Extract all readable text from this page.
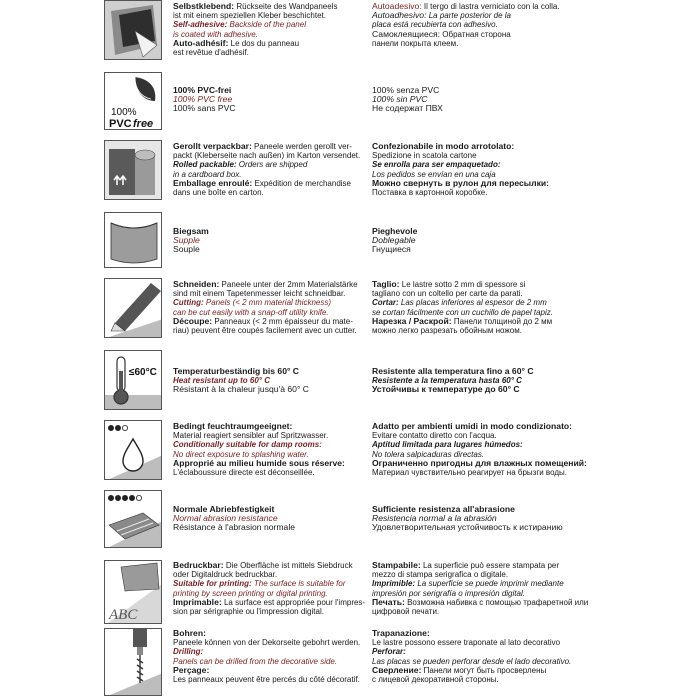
Selbstklebend: Rückseite des Wandpaneels
ist mit einem speziellen Kleber beschichtet.
Self-adhesive: Backside of the panel
is coated with adhesive.
Auto-adhésif: Le dos du panneau
est revêtue d'adhésif.
Autoadesivo: Il tergo di lastra verniciato con la colla.
Autoadhesivo: La parte posterior de la
placa está recubierta con adhesivo.
Самоклеящиеся: Обратная сторона
панели покрыта клеем.
100%
PVC free
100% PVC-frei
100% PVC free
100% sans PVC
100% senza PVC
100% sin PVC
Не содержат ПВХ
Gerollt verpackbar: Paneele werden gerollt ver-
packt (Kleberseite nach außen) im Karton versendet.
Rolled packable: Orders are shipped
in a cardboard box.
Emballage enroulé: Expédition de merchandise
dans une boîte en carton.
Confezionabile in modo arrotolato:
Spedizione in scatola cartone
Se enrolla para ser empaquetado:
Los pedidos se envían en una caja
Можно свернуть в рулон для пересылки:
Поставка в картонной коробке.
Biegsam
Supple
Souple
Pieghevole
Doblegable
Гнущиеся
Schneiden: Paneele unter der 2mm Materialstärke
sind mit einem Tapetenmesser leicht schneidbar.
Cutting: Panels (< 2 mm material thickness)
can be cut easily with a snap-off utility knife.
Découpe: Panneaux (< 2 mm épaisseur du mate-
riau) peuvent être coupés facilement avec un cutter.
Taglio: Le lastre sotto 2 mm di spessore si
tagliano con un coltello per carte da parati.
Cortar: Las placas inferiores al espesor de 2 mm
se cortan fácilmente con un cuchillo de papel tapiz.
Нарезка / Раскрой: Панели толщиной до 2 мм
можно легко разрезать обойным ножом.
≤60°C Temperaturbeständig bis 60° C
Heat resistant up to 60° C
Résistant à la chaleur jusqu'à 60° C
Resistente alla temperatura fino a 60° C
Resistente a la temperatura hasta 60° C
Устойчивы к температуре до 60° C
Bedingt feuchtraumgeeignet:
Material reagiert sensibler auf Spritzwasser.
Conditionally suitable for damp rooms:
No direct exposure to splashing water.
Approprié au milieu humide sous réserve:
L'éclaboussure directe est déconseillée.
Adatto per ambienti umidi in modo condizionato:
Evitare contatto diretto con l'acqua.
Aptitud limitada para lugares húmedos:
No tolera salpicaduras directas.
Ограниченно пригодны для влажных помещений:
Материал чувствительно реагирует на брызги воды.
Normale Abriebfestigkeit
Normal abrasion resistance
Résistance à l'abrasion normale
Sufficiente resistenza all'abrasione
Resistencia normal a la abrasión
Удовлетворительная устойчивость к истиранию
ABC
Bedruckbar: Die Oberfläche ist mittels Siebdruck
oder Digitaldruck bedruckbar.
Suitable for printing: The surface is suitable for
printing by screen printing or digital printing.
Imprimable: La surface est appropriée pour l'impres-
sion par sérigraphie ou l'impression digital.
Stampabile: La superficie può essere stampata per
mezzo di stampa serigrafica o digitale.
Imprimible: La superficie se puede imprimir mediante
impresión por serigrafía o impresión digital.
Печать: Возможна набивка с помощью трафаретной или
цифровой печати.
Bohren:
Paneele können von der Dekorseite gebohrt werden.
Drilling:
Panels can be drilled from the decorative side.
Perçage:
Les panneaux peuvent être percés du côté décoratif.
Trapanazione:
Le lastre possono essere traponate al lato decorativo
Perforar:
Las placas se pueden perforar desde el lado decorativo.
Сверление: Панели могут быть просверлены
с лицевой декоративной стороны.
